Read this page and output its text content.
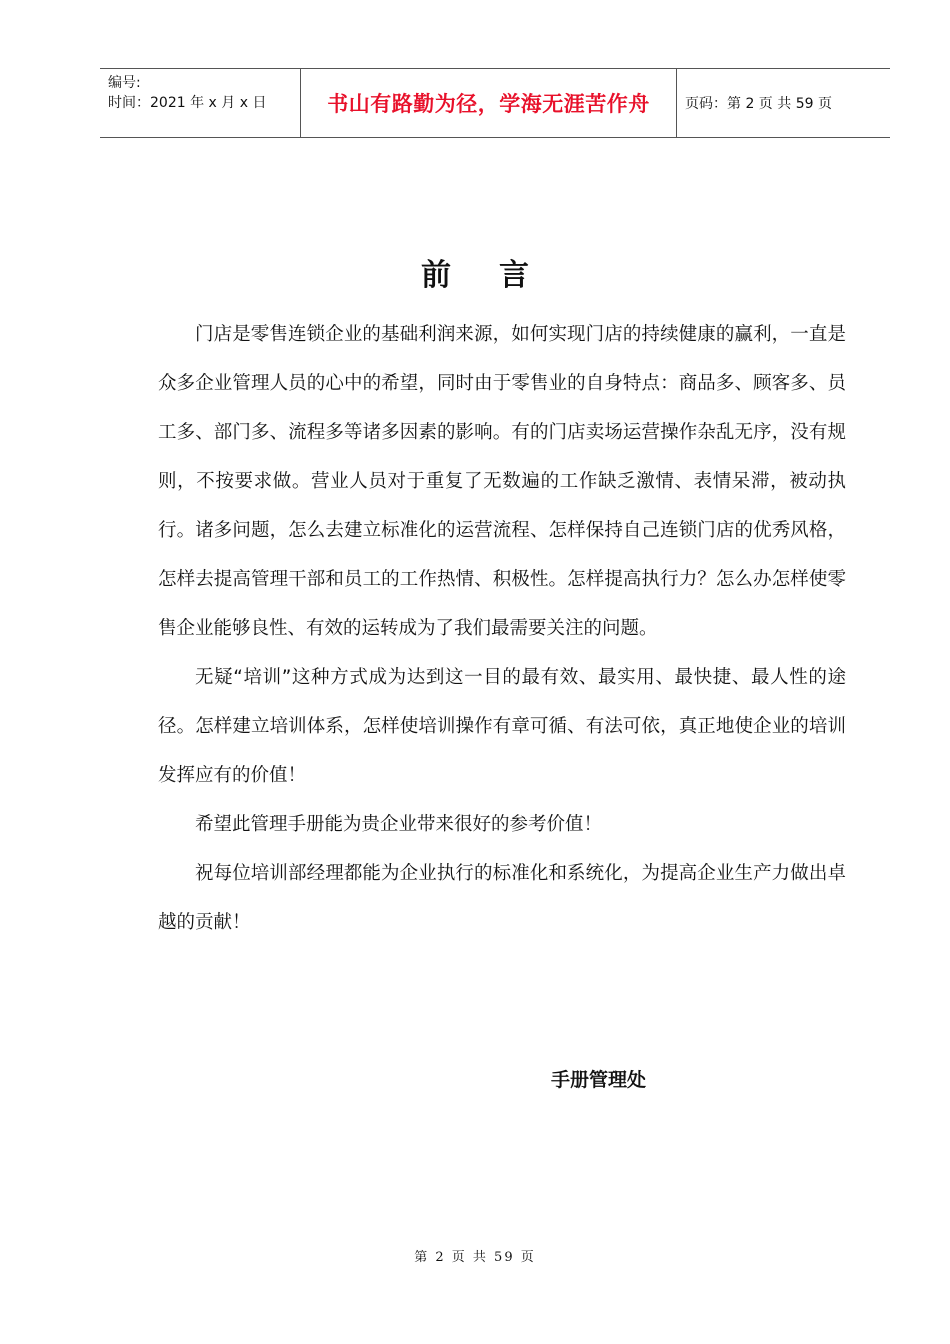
编号:
时间：2021 年 x 月 x 日	书山有路勤为径，学海无涯苦作舟	页码：第 2 页 共 59 页
前言

门店是零售连锁企业的基础利润来源，如何实现门店的持续健康的赢利，一直是众多企业管理人员的心中的希望，同时由于零售业的自身特点：商品多、顾客多、员工多、部门多、流程多等诸多因素的影响。有的门店卖场运营操作杂乱无序，没有规则，不按要求做。营业人员对于重复了无数遍的工作缺乏激情、表情呆滞，被动执行。诸多问题，怎么去建立标准化的运营流程、怎样保持自己连锁门店的优秀风格，怎样去提高管理干部和员工的工作热情、积极性。怎样提高执行力？怎么办怎样使零售企业能够良性、有效的运转成为了我们最需要关注的问题。

无疑“培训”这种方式成为达到这一目的最有效、最实用、最快捷、最人性的途径。怎样建立培训体系，怎样使培训操作有章可循、有法可依，真正地使企业的培训发挥应有的价值！

希望此管理手册能为贵企业带来很好的参考价值！

祝每位培训部经理都能为企业执行的标准化和系统化，为提高企业生产力做出卓越的贡献！

手册管理处
第 2 页 共 59 页
